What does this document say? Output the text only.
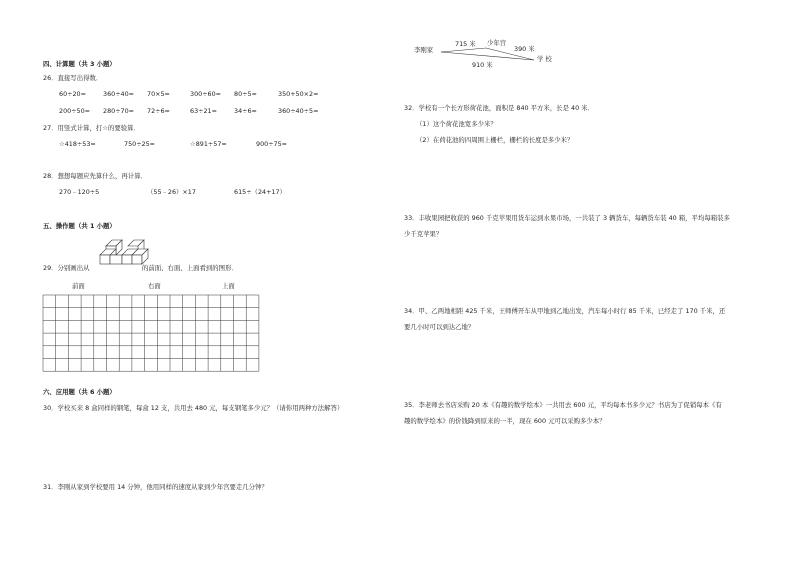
四、计算题（共 3 小题）
26．直接写出得数．
60÷20=	360÷40= 70×5=	300÷60= 80÷5=	350+50×2=
200÷50= 280÷70= 72÷6=	63÷21=	34÷6=	360÷40÷5=
27．用竖式计算，打☆的要验算．
☆418÷53=	750÷25=	☆891÷57=	900÷75=
28．想想每题应先算什么，再计算．
270﹣120÷5	（55﹣26）×17	615÷（24+17）
五、操作题（共 1 小题）
29．分别画出从	的前面、右面、上面看到的图形．
前面	右面	上面
六、应用题（共 6 小题）
30．学校买来 8 盒同样的钢笔，每盒 12 支，共用去 480 元，每支钢笔多少元？（请你用两种方法解答）
31．李刚从家到学校要用 14 分钟，他用同样的速度从家到少年宫要走几分钟？
李刚家
715 米 少年宫
390 米
910 米
学 校
32．学校有一个长方形荷花池，面积是 840 平方米，长是 40 米．
（1）这个荷花池宽多少米？
（2）在荷花池的四周围上栅栏，栅栏的长度是多少米？
33．丰收果园把收获的 960 千克苹果用货车运到水果市场，一共装了 3 辆货车，每辆货车装 40 箱，平均每箱装多
少千克苹果？
34．甲、乙两地相距 425 千米，王师傅开车从甲地到乙地出发，汽车每小时行 85 千米，已经走了 170 千米，还
要几小时可以到达乙地？
35．李老师去书店采购 20 本《有趣的数学绘本》一共用去 600 元，平均每本书多少元？书店为了促销每本《有
趣的数学绘本》的价钱降到原来的一半，现在 600 元可以采购多少本？
